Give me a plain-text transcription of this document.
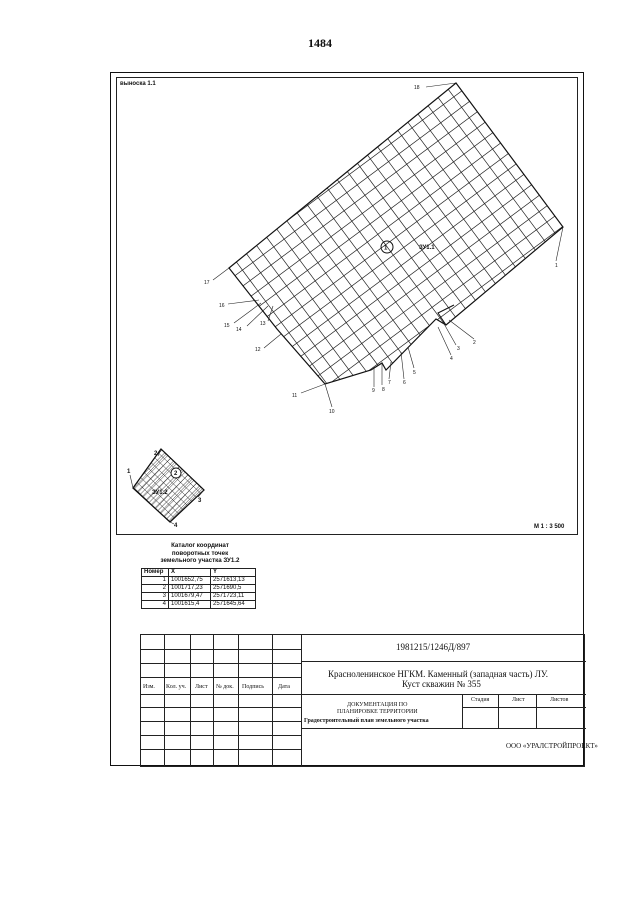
1484
1	ЗУ1.1
18
1
2
3
4
5
6
7
8
9
10
11
12
13
14
15
16
17
выноска 1.1
2
ЗУ1.2
1
2
3
4	М 1 : 3 500
Каталог координат
поворотных точек
земельного участка ЗУ1.2
Номер	X	Y
1	1001652,75	2571613,13
2	1001717,23	2571690,5
3	1001679,47	2571723,11
4	1001615,4	2571645,64
1981215/1246Д/897
Красноленинское НГКМ. Каменный (западная часть) ЛУ.
Куст скважин № 355
Изм. Кол. уч. Лист № док. Подпись Дата
ДОКУМЕНТАЦИЯ ПО
ПЛАНИРОВКЕ ТЕРРИТОРИИ
Градостроительный план земельного участка
Стадия	Лист	Листов
ООО «УРАЛСТРОЙПРОЕКТ»
